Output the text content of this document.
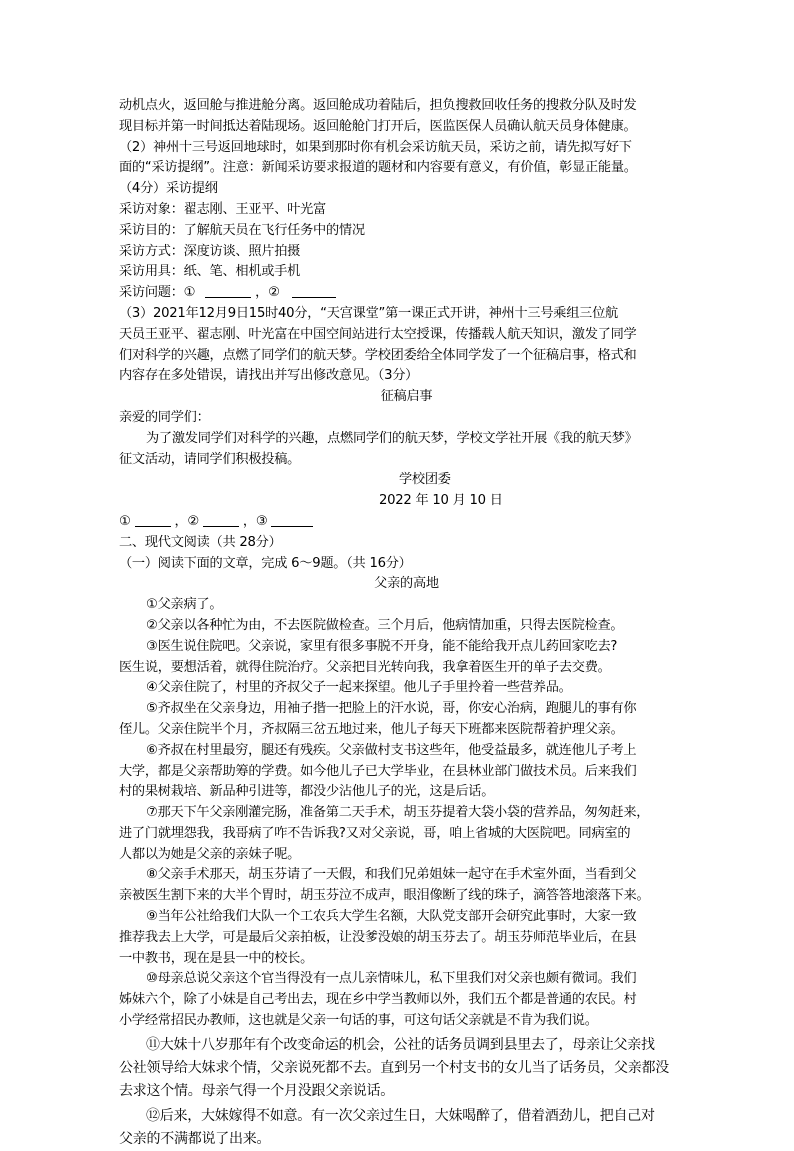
动机点火，返回舱与推进舱分离。返回舱成功着陆后，担负搜救回收任务的搜救分队及时发
现目标并第一时间抵达着陆现场。返回舱舱门打开后，医监医保人员确认航天员身体健康。
（2）神州十三号返回地球时，如果到那时你有机会采访航天员，采访之前，请先拟写好下
面的“采访提纲”。注意：新闻采访要求报道的题材和内容要有意义，有价值，彰显正能量。
（4分）采访提纲
采访对象：翟志刚、王亚平、叶光富
采访目的：了解航天员在飞行任务中的情况
采访方式：深度访谈、照片拍摄
采访用具：纸、笔、相机或手机
采访问题：①	，②
（3）2021年12月9日15时40分，“天宫课堂”第一课正式开讲，神州十三号乘组三位航
天员王亚平、翟志刚、叶光富在中国空间站进行太空授课，传播载人航天知识，激发了同学
们对科学的兴趣，点燃了同学们的航天梦。学校团委给全体同学发了一个征稿启事，格式和
内容存在多处错误，请找出并写出修改意见。（3分）
征稿启事
亲爱的同学们：
为了激发同学们对科学的兴趣，点燃同学们的航天梦，学校文学社开展《我的航天梦》
征文活动，请同学们积极投稿。
学校团委
2022 年 10 月 10 日
①	，②	，③
二、现代文阅读（共 28分）
（一）阅读下面的文章，完成 6～9题。（共 16分）
父亲的高地
①父亲病了。
②父亲以各种忙为由，不去医院做检查。三个月后，他病情加重，只得去医院检查。
③医生说住院吧。父亲说，家里有很多事脱不开身，能不能给我开点儿药回家吃去?
医生说，要想活着，就得住院治疗。父亲把目光转向我，我拿着医生开的单子去交费。
④父亲住院了，村里的齐叔父子一起来探望。他儿子手里拎着一些营养品。
⑤齐叔坐在父亲身边，用袖子揩一把脸上的汗水说，哥，你安心治病，跑腿儿的事有你
侄儿。父亲住院半个月，齐叔隔三岔五地过来，他儿子每天下班都来医院帮着护理父亲。
⑥齐叔在村里最穷，腿还有残疾。父亲做村支书这些年，他受益最多，就连他儿子考上
大学，都是父亲帮助筹的学费。如今他儿子已大学毕业，在县林业部门做技术员。后来我们
村的果树栽培、新品种引进等，都没少沾他儿子的光，这是后话。
⑦那天下午父亲刚灌完肠，准备第二天手术，胡玉芬提着大袋小袋的营养品，匆匆赶来，
进了门就埋怨我，我哥病了咋不告诉我?又对父亲说，哥，咱上省城的大医院吧。同病室的
人都以为她是父亲的亲妹子呢。
⑧父亲手术那天，胡玉芬请了一天假，和我们兄弟姐妹一起守在手术室外面，当看到父
亲被医生割下来的大半个胃时，胡玉芬泣不成声，眼泪像断了线的珠子，滴答答地滚落下来。
⑨当年公社给我们大队一个工农兵大学生名额，大队党支部开会研究此事时，大家一致
推荐我去上大学，可是最后父亲拍板，让没爹没娘的胡玉芬去了。胡玉芬师范毕业后，在县
一中教书，现在是县一中的校长。
⑩母亲总说父亲这个官当得没有一点儿亲情味儿，私下里我们对父亲也颇有微词。我们
姊妹六个，除了小妹是自己考出去，现在乡中学当教师以外，我们五个都是普通的农民。村
小学经常招民办教师，这也就是父亲一句话的事，可这句话父亲就是不肯为我们说。
⑪大妹十八岁那年有个改变命运的机会，公社的话务员调到县里去了，母亲让父亲找
公社领导给大妹求个情，父亲说死都不去。直到另一个村支书的女儿当了话务员，父亲都没
去求这个情。母亲气得一个月没跟父亲说话。
⑫后来，大妹嫁得不如意。有一次父亲过生日，大妹喝醉了，借着酒劲儿，把自己对
父亲的不满都说了出来。
